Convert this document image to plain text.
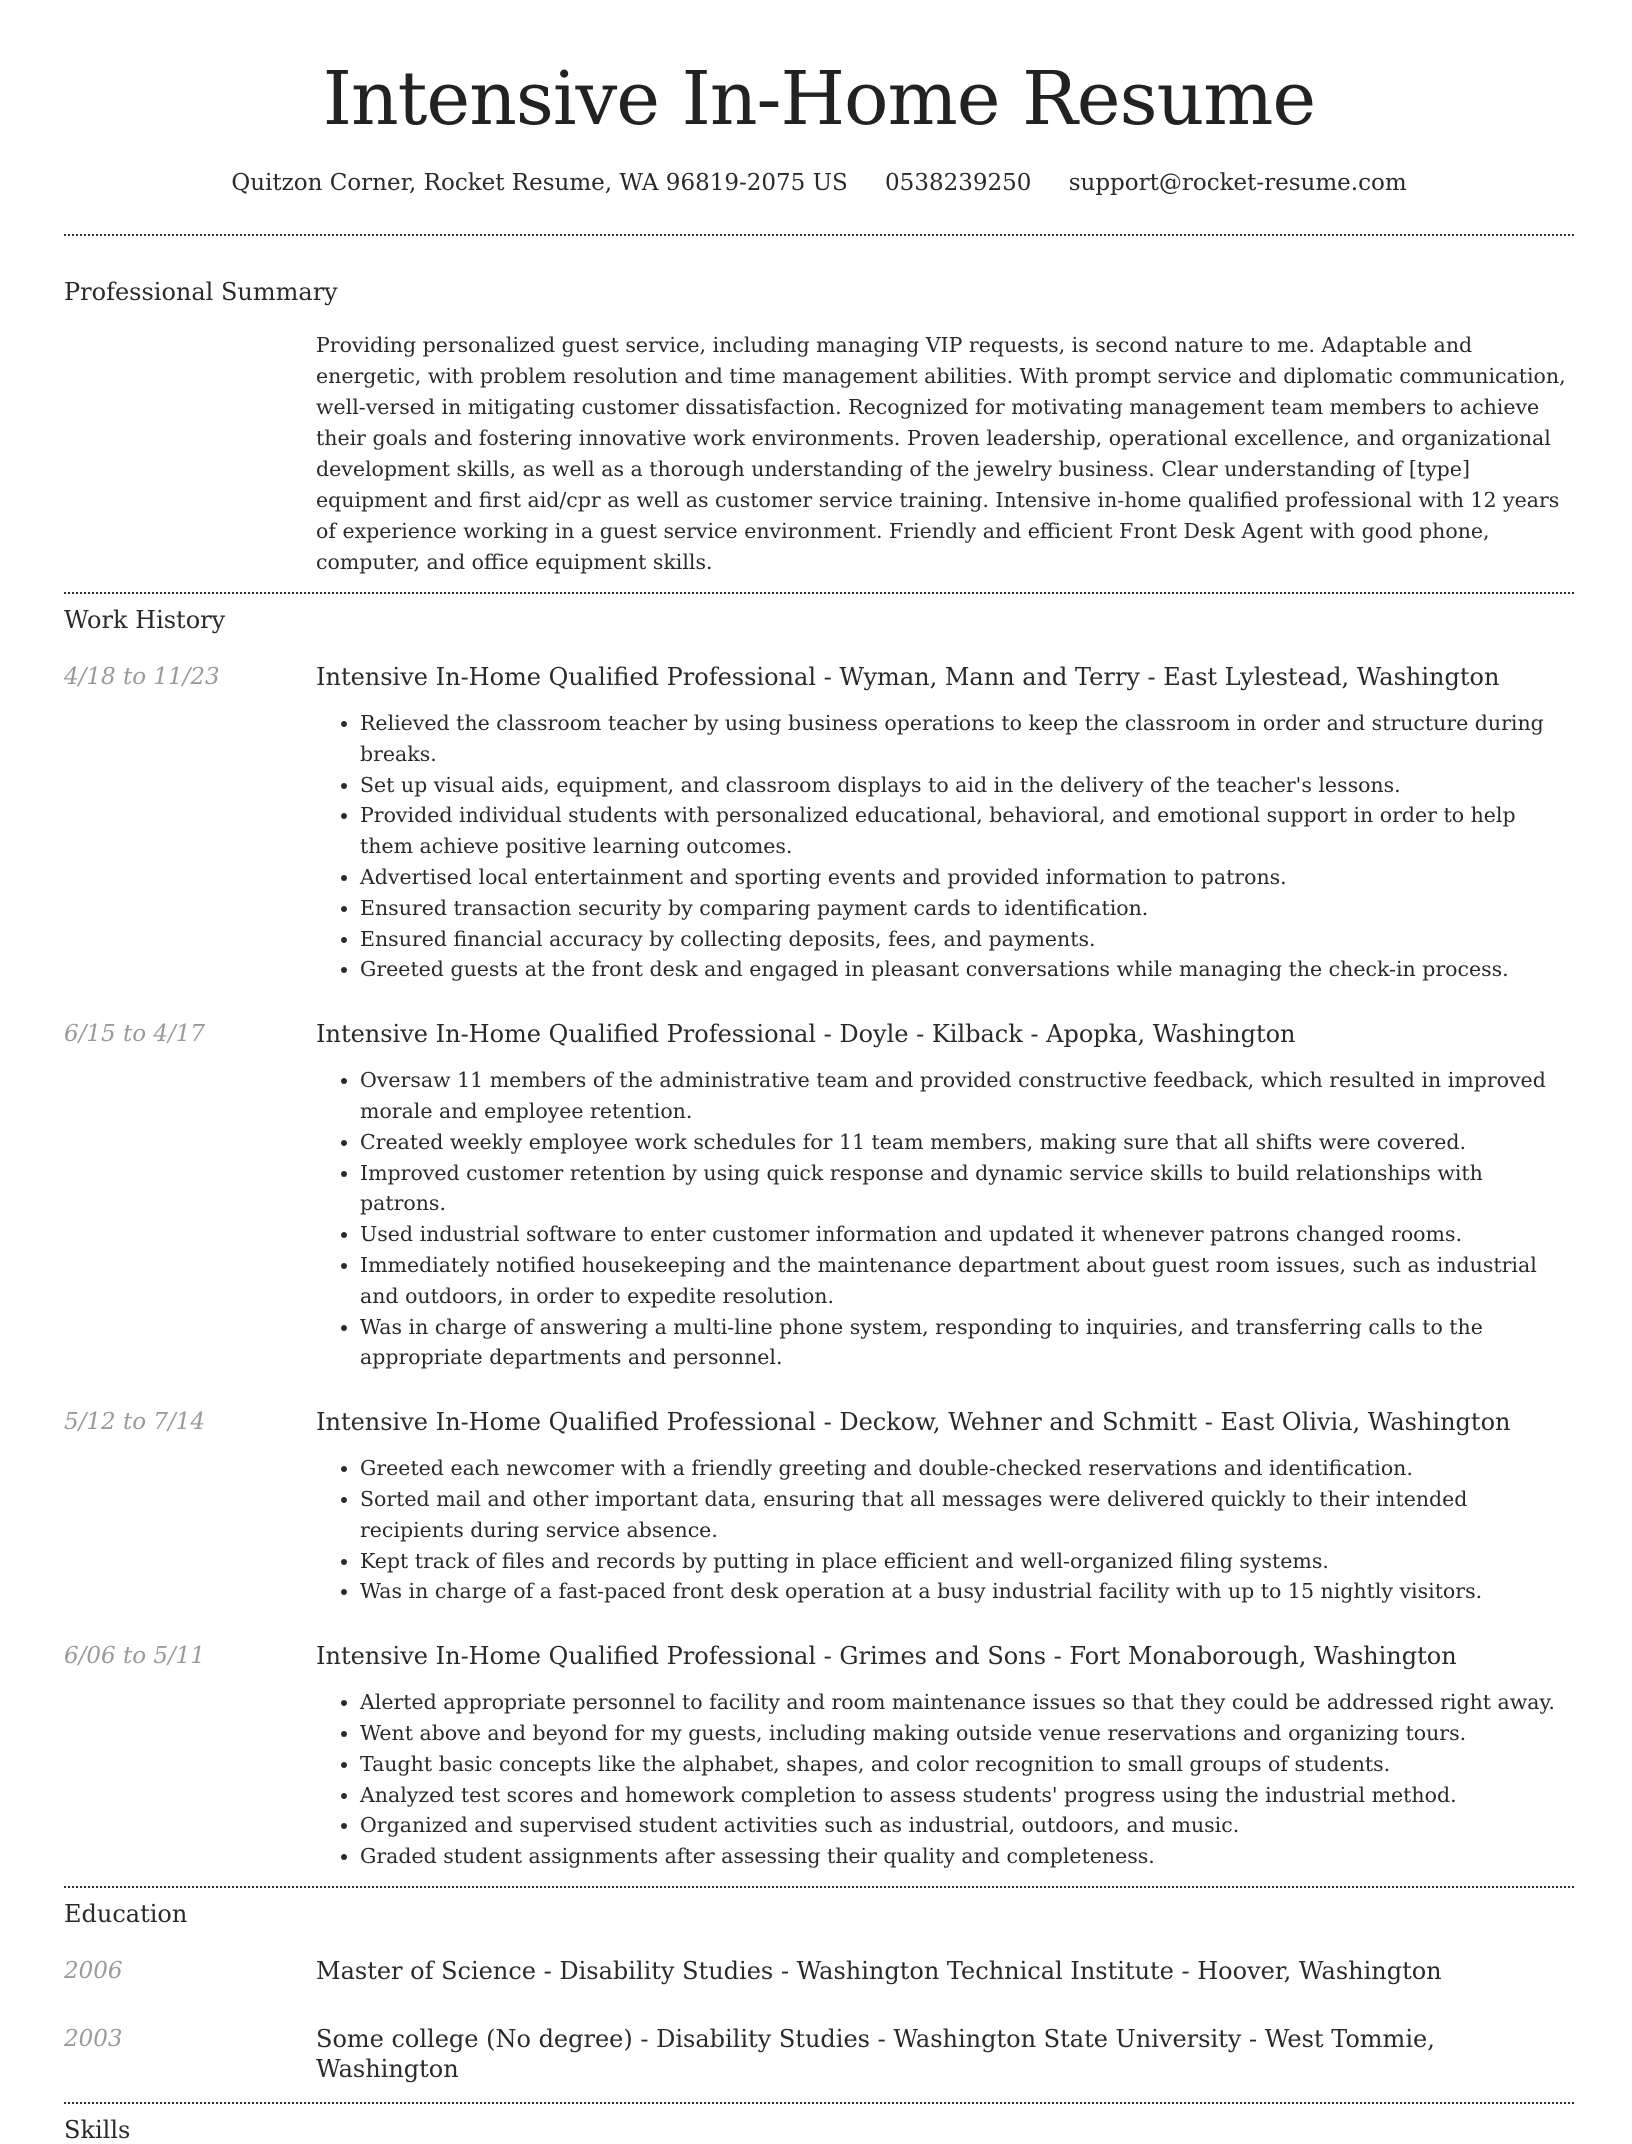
Intensive In-Home Resume
Quitzon Corner, Rocket Resume, WA 96819-2075 US 0538239250 support@rocket-resume.com
Professional Summary
Providing personalized guest service, including managing VIP requests, is second nature to me. Adaptable and energetic, with problem resolution and time management abilities. With prompt service and diplomatic communication, well-versed in mitigating customer dissatisfaction. Recognized for motivating management team members to achieve their goals and fostering innovative work environments. Proven leadership, operational excellence, and organizational development skills, as well as a thorough understanding of the jewelry business. Clear understanding of [type] equipment and first aid/cpr as well as customer service training. Intensive in-home qualified professional with 12 years of experience working in a guest service environment. Friendly and efficient Front Desk Agent with good phone, computer, and office equipment skills.
Work History
4/18 to 11/23	Intensive In-Home Qualified Professional - Wyman, Mann and Terry - East Lylestead, Washington
• Relieved the classroom teacher by using business operations to keep the classroom in order and structure during breaks.
• Set up visual aids, equipment, and classroom displays to aid in the delivery of the teacher's lessons.
• Provided individual students with personalized educational, behavioral, and emotional support in order to help them achieve positive learning outcomes.
• Advertised local entertainment and sporting events and provided information to patrons.
• Ensured transaction security by comparing payment cards to identification.
• Ensured financial accuracy by collecting deposits, fees, and payments.
• Greeted guests at the front desk and engaged in pleasant conversations while managing the check-in process.
6/15 to 4/17	Intensive In-Home Qualified Professional - Doyle - Kilback - Apopka, Washington
• Oversaw 11 members of the administrative team and provided constructive feedback, which resulted in improved morale and employee retention.
• Created weekly employee work schedules for 11 team members, making sure that all shifts were covered.
• Improved customer retention by using quick response and dynamic service skills to build relationships with patrons.
• Used industrial software to enter customer information and updated it whenever patrons changed rooms.
• Immediately notified housekeeping and the maintenance department about guest room issues, such as industrial and outdoors, in order to expedite resolution.
• Was in charge of answering a multi-line phone system, responding to inquiries, and transferring calls to the appropriate departments and personnel.
5/12 to 7/14	Intensive In-Home Qualified Professional - Deckow, Wehner and Schmitt - East Olivia, Washington
• Greeted each newcomer with a friendly greeting and double-checked reservations and identification.
• Sorted mail and other important data, ensuring that all messages were delivered quickly to their intended recipients during service absence.
• Kept track of files and records by putting in place efficient and well-organized filing systems.
• Was in charge of a fast-paced front desk operation at a busy industrial facility with up to 15 nightly visitors.
6/06 to 5/11	Intensive In-Home Qualified Professional - Grimes and Sons - Fort Monaborough, Washington
• Alerted appropriate personnel to facility and room maintenance issues so that they could be addressed right away.
• Went above and beyond for my guests, including making outside venue reservations and organizing tours.
• Taught basic concepts like the alphabet, shapes, and color recognition to small groups of students.
• Analyzed test scores and homework completion to assess students' progress using the industrial method.
• Organized and supervised student activities such as industrial, outdoors, and music.
• Graded student assignments after assessing their quality and completeness.
Education
2006	Master of Science - Disability Studies - Washington Technical Institute - Hoover, Washington
2003	Some college (No degree) - Disability Studies - Washington State University - West Tommie, Washington
Skills
